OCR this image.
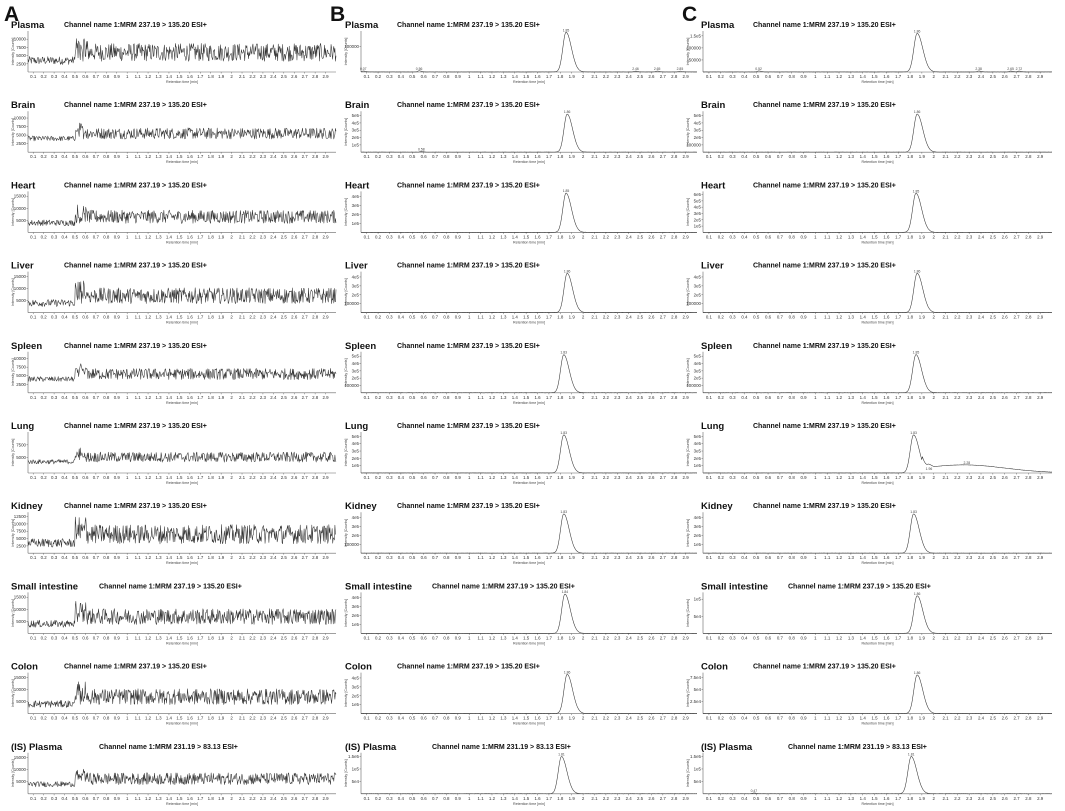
A	B	C
Plasma	Channel name 1:MRM 237.19 > 135.20 ESI+
0.1 0.2 0.3 0.4 0.5 0.6 0.7 0.8 0.9 1 1.1 1.2 1.3 1.4 1.5 1.6 1.7 1.8 1.9 2 2.1 2.2 2.3 2.4 2.5 2.6 2.7 2.8 2.9
Retention time [min]
10000
7500
5000
2500
Intensity [Counts]
Brain	Channel name 1:MRM 237.19 > 135.20 ESI+
0.1 0.2 0.3 0.4 0.5 0.6 0.7 0.8 0.9 1 1.1 1.2 1.3 1.4 1.5 1.6 1.7 1.8 1.9 2 2.1 2.2 2.3 2.4 2.5 2.6 2.7 2.8 2.9
Retention time [min]
10000
7500
5000
2500
Intensity [Counts]
Heart	Channel name 1:MRM 237.19 > 135.20 ESI+
0.1 0.2 0.3 0.4 0.5 0.6 0.7 0.8 0.9 1 1.1 1.2 1.3 1.4 1.5 1.6 1.7 1.8 1.9 2 2.1 2.2 2.3 2.4 2.5 2.6 2.7 2.8 2.9
Retention time [min]
15000
10000
5000
Intensity [Counts]
Liver	Channel name 1:MRM 237.19 > 135.20 ESI+
0.1 0.2 0.3 0.4 0.5 0.6 0.7 0.8 0.9 1 1.1 1.2 1.3 1.4 1.5 1.6 1.7 1.8 1.9 2 2.1 2.2 2.3 2.4 2.5 2.6 2.7 2.8 2.9
Retention time [min]
15000
10000
5000
Intensity [Counts]
Spleen	Channel name 1:MRM 237.19 > 135.20 ESI+
0.1 0.2 0.3 0.4 0.5 0.6 0.7 0.8 0.9 1 1.1 1.2 1.3 1.4 1.5 1.6 1.7 1.8 1.9 2 2.1 2.2 2.3 2.4 2.5 2.6 2.7 2.8 2.9
Retention time [min]
10000
7500
5000
2500
Intensity [Counts]
Lung	Channel name 1:MRM 237.19 > 135.20 ESI+
0.1 0.2 0.3 0.4 0.5 0.6 0.7 0.8 0.9 1 1.1 1.2 1.3 1.4 1.5 1.6 1.7 1.8 1.9 2 2.1 2.2 2.3 2.4 2.5 2.6 2.7 2.8 2.9
Retention time [min]
7500
5000
Intensity [Counts]
Kidney	Channel name 1:MRM 237.19 > 135.20 ESI+
0.1 0.2 0.3 0.4 0.5 0.6 0.7 0.8 0.9 1 1.1 1.2 1.3 1.4 1.5 1.6 1.7 1.8 1.9 2 2.1 2.2 2.3 2.4 2.5 2.6 2.7 2.8 2.9
Retention time [min]
12500
10000
7500
5000
2500
Intensity [Counts]
Small intestine	Channel name 1:MRM 237.19 > 135.20 ESI+
0.1 0.2 0.3 0.4 0.5 0.6 0.7 0.8 0.9 1 1.1 1.2 1.3 1.4 1.5 1.6 1.7 1.8 1.9 2 2.1 2.2 2.3 2.4 2.5 2.6 2.7 2.8 2.9
Retention time [min]
15000
10000
5000
Intensity [Counts]
Colon	Channel name 1:MRM 237.19 > 135.20 ESI+
0.1 0.2 0.3 0.4 0.5 0.6 0.7 0.8 0.9 1 1.1 1.2 1.3 1.4 1.5 1.6 1.7 1.8 1.9 2 2.1 2.2 2.3 2.4 2.5 2.6 2.7 2.8 2.9
Retention time [min]
15000
10000
5000
Intensity [Counts]
(IS) Plasma	Channel name 1:MRM 231.19 > 83.13 ESI+
0.1 0.2 0.3 0.4 0.5 0.6 0.7 0.8 0.9 1 1.1 1.2 1.3 1.4 1.5 1.6 1.7 1.8 1.9 2 2.1 2.2 2.3 2.4 2.5 2.6 2.7 2.8 2.9
Retention time [min]
15000
10000
5000
Intensity [Counts]
Plasma	Channel name 1:MRM 237.19 > 135.20 ESI+
0.1 0.2 0.3 0.4 0.5 0.6 0.7 0.8 0.9 1 1.1 1.2 1.3 1.4 1.5 1.6 1.7 1.8 1.9 2 2.1 2.2 2.3 2.4 2.5 2.6 2.7 2.8 2.9
Retention time [min]
100000
Intensity [Counts]
1.85
0.07	0.56	2.46	2.65	2.85
Brain	Channel name 1:MRM 237.19 > 135.20 ESI+
0.1 0.2 0.3 0.4 0.5 0.6 0.7 0.8 0.9 1 1.1 1.2 1.3 1.4 1.5 1.6 1.7 1.8 1.9 2 2.1 2.2 2.3 2.4 2.5 2.6 2.7 2.8 2.9
Retention time [min]
5e5
4e5
3e5
2e5
1e5
Intensity [Counts]
1.86
0.58
Heart	Channel name 1:MRM 237.19 > 135.20 ESI+
0.1 0.2 0.3 0.4 0.5 0.6 0.7 0.8 0.9 1 1.1 1.2 1.3 1.4 1.5 1.6 1.7 1.8 1.9 2 2.1 2.2 2.3 2.4 2.5 2.6 2.7 2.8 2.9
Retention time [min]
4e5
3e5
2e5
1e5
Intensity [Counts]
1.85
Liver	Channel name 1:MRM 237.19 > 135.20 ESI+
0.1 0.2 0.3 0.4 0.5 0.6 0.7 0.8 0.9 1 1.1 1.2 1.3 1.4 1.5 1.6 1.7 1.8 1.9 2 2.1 2.2 2.3 2.4 2.5 2.6 2.7 2.8 2.9
Retention time [min]
4e5
3e5
2e5
100000
Intensity [Counts]
1.86
Spleen	Channel name 1:MRM 237.19 > 135.20 ESI+
0.1 0.2 0.3 0.4 0.5 0.6 0.7 0.8 0.9 1 1.1 1.2 1.3 1.4 1.5 1.6 1.7 1.8 1.9 2 2.1 2.2 2.3 2.4 2.5 2.6 2.7 2.8 2.9
Retention time [min]
5e5
4e5
3e5
2e5
100000
Intensity [Counts]
1.83
Lung	Channel name 1:MRM 237.19 > 135.20 ESI+
0.1 0.2 0.3 0.4 0.5 0.6 0.7 0.8 0.9 1 1.1 1.2 1.3 1.4 1.5 1.6 1.7 1.8 1.9 2 2.1 2.2 2.3 2.4 2.5 2.6 2.7 2.8 2.9
Retention time [min]
5e5
4e5
3e5
2e5
1e5
Intensity [Counts]
1.83
Kidney	Channel name 1:MRM 237.19 > 135.20 ESI+
0.1 0.2 0.3 0.4 0.5 0.6 0.7 0.8 0.9 1 1.1 1.2 1.3 1.4 1.5 1.6 1.7 1.8 1.9 2 2.1 2.2 2.3 2.4 2.5 2.6 2.7 2.8 2.9
Retention time [min]
4e5
3e5
2e5
100000
Intensity [Counts]
1.83
Small intestine	Channel name 1:MRM 237.19 > 135.20 ESI+
0.1 0.2 0.3 0.4 0.5 0.6 0.7 0.8 0.9 1 1.1 1.2 1.3 1.4 1.5 1.6 1.7 1.8 1.9 2 2.1 2.2 2.3 2.4 2.5 2.6 2.7 2.8 2.9
Retention time [min]
4e5
3e5
2e5
1e5
Intensity [Counts]
1.84
Colon	Channel name 1:MRM 237.19 > 135.20 ESI+
0.1 0.2 0.3 0.4 0.5 0.6 0.7 0.8 0.9 1 1.1 1.2 1.3 1.4 1.5 1.6 1.7 1.8 1.9 2 2.1 2.2 2.3 2.4 2.5 2.6 2.7 2.8 2.9
Retention time [min]
4e5
3e5
2e5
1e5
Intensity [Counts]
1.86
(IS) Plasma	Channel name 1:MRM 231.19 > 83.13 ESI+
0.1 0.2 0.3 0.4 0.5 0.6 0.7 0.8 0.9 1 1.1 1.2 1.3 1.4 1.5 1.6 1.7 1.8 1.9 2 2.1 2.2 2.3 2.4 2.5 2.6 2.7 2.8 2.9
Retention time [min]
1.5e5
1e5
5e4
Intensity [Counts]
1.81
Plasma	Channel name 1:MRM 237.19 > 135.20 ESI+
0.1 0.2 0.3 0.4 0.5 0.6 0.7 0.8 0.9 1 1.1 1.2 1.3 1.4 1.5 1.6 1.7 1.8 1.9 2 2.1 2.2 2.3 2.4 2.5 2.6 2.7 2.8 2.9
Retention time [min]
1.5e5
100000
50000
Intensity [Counts]
1.86
0.52	2.38	2.65 2.72
Brain	Channel name 1:MRM 237.19 > 135.20 ESI+
0.1 0.2 0.3 0.4 0.5 0.6 0.7 0.8 0.9 1 1.1 1.2 1.3 1.4 1.5 1.6 1.7 1.8 1.9 2 2.1 2.2 2.3 2.4 2.5 2.6 2.7 2.8 2.9
Retention time [min]
5e5
4e5
3e5
2e5
100000
Intensity [Counts]
1.86
Heart	Channel name 1:MRM 237.19 > 135.20 ESI+
0.1 0.2 0.3 0.4 0.5 0.6 0.7 0.8 0.9 1 1.1 1.2 1.3 1.4 1.5 1.6 1.7 1.8 1.9 2 2.1 2.2 2.3 2.4 2.5 2.6 2.7 2.8 2.9
Retention time [min]
6e5
5e5
4e5
3e5
2e5
1e5
Intensity [Counts]
1.85
Liver	Channel name 1:MRM 237.19 > 135.20 ESI+
0.1 0.2 0.3 0.4 0.5 0.6 0.7 0.8 0.9 1 1.1 1.2 1.3 1.4 1.5 1.6 1.7 1.8 1.9 2 2.1 2.2 2.3 2.4 2.5 2.6 2.7 2.8 2.9
Retention time [min]
4e5
3e5
2e5
100000
Intensity [Counts]
1.86
Spleen	Channel name 1:MRM 237.19 > 135.20 ESI+
0.1 0.2 0.3 0.4 0.5 0.6 0.7 0.8 0.9 1 1.1 1.2 1.3 1.4 1.5 1.6 1.7 1.8 1.9 2 2.1 2.2 2.3 2.4 2.5 2.6 2.7 2.8 2.9
Retention time [min]
5e5
4e5
3e5
2e5
100000
Intensity [Counts]
1.85
Lung	Channel name 1:MRM 237.19 > 135.20 ESI+
0.1 0.2 0.3 0.4 0.5 0.6 0.7 0.8 0.9 1 1.1 1.2 1.3 1.4 1.5 1.6 1.7 1.8 1.9 2 2.1 2.2 2.3 2.4 2.5 2.6 2.7 2.8 2.9
Retention time [min]
5e5
4e5
3e5
2e5
1e5
Intensity [Counts]
1.83
1.96
2.28
Kidney	Channel name 1:MRM 237.19 > 135.20 ESI+
0.1 0.2 0.3 0.4 0.5 0.6 0.7 0.8 0.9 1 1.1 1.2 1.3 1.4 1.5 1.6 1.7 1.8 1.9 2 2.1 2.2 2.3 2.4 2.5 2.6 2.7 2.8 2.9
Retention time [min]
4e5
3e5
2e5
1e5
Intensity [Counts]
1.83
Small intestine	Channel name 1:MRM 237.19 > 135.20 ESI+
0.1 0.2 0.3 0.4 0.5 0.6 0.7 0.8 0.9 1 1.1 1.2 1.3 1.4 1.5 1.6 1.7 1.8 1.9 2 2.1 2.2 2.3 2.4 2.5 2.6 2.7 2.8 2.9
Retention time [min]
1e5
5e4
Intensity [Counts]
1.86
Colon	Channel name 1:MRM 237.19 > 135.20 ESI+
0.1 0.2 0.3 0.4 0.5 0.6 0.7 0.8 0.9 1 1.1 1.2 1.3 1.4 1.5 1.6 1.7 1.8 1.9 2 2.1 2.2 2.3 2.4 2.5 2.6 2.7 2.8 2.9
Retention time [min]
7.5e4
5e4
2.5e4
Intensity [Counts]
1.86
(IS) Plasma	Channel name 1:MRM 231.19 > 83.13 ESI+
0.1 0.2 0.3 0.4 0.5 0.6 0.7 0.8 0.9 1 1.1 1.2 1.3 1.4 1.5 1.6 1.7 1.8 1.9 2 2.1 2.2 2.3 2.4 2.5 2.6 2.7 2.8 2.9
Retention time [min]
1.5e5
1e5
5e4
Intensity [Counts]
1.81
0.47
